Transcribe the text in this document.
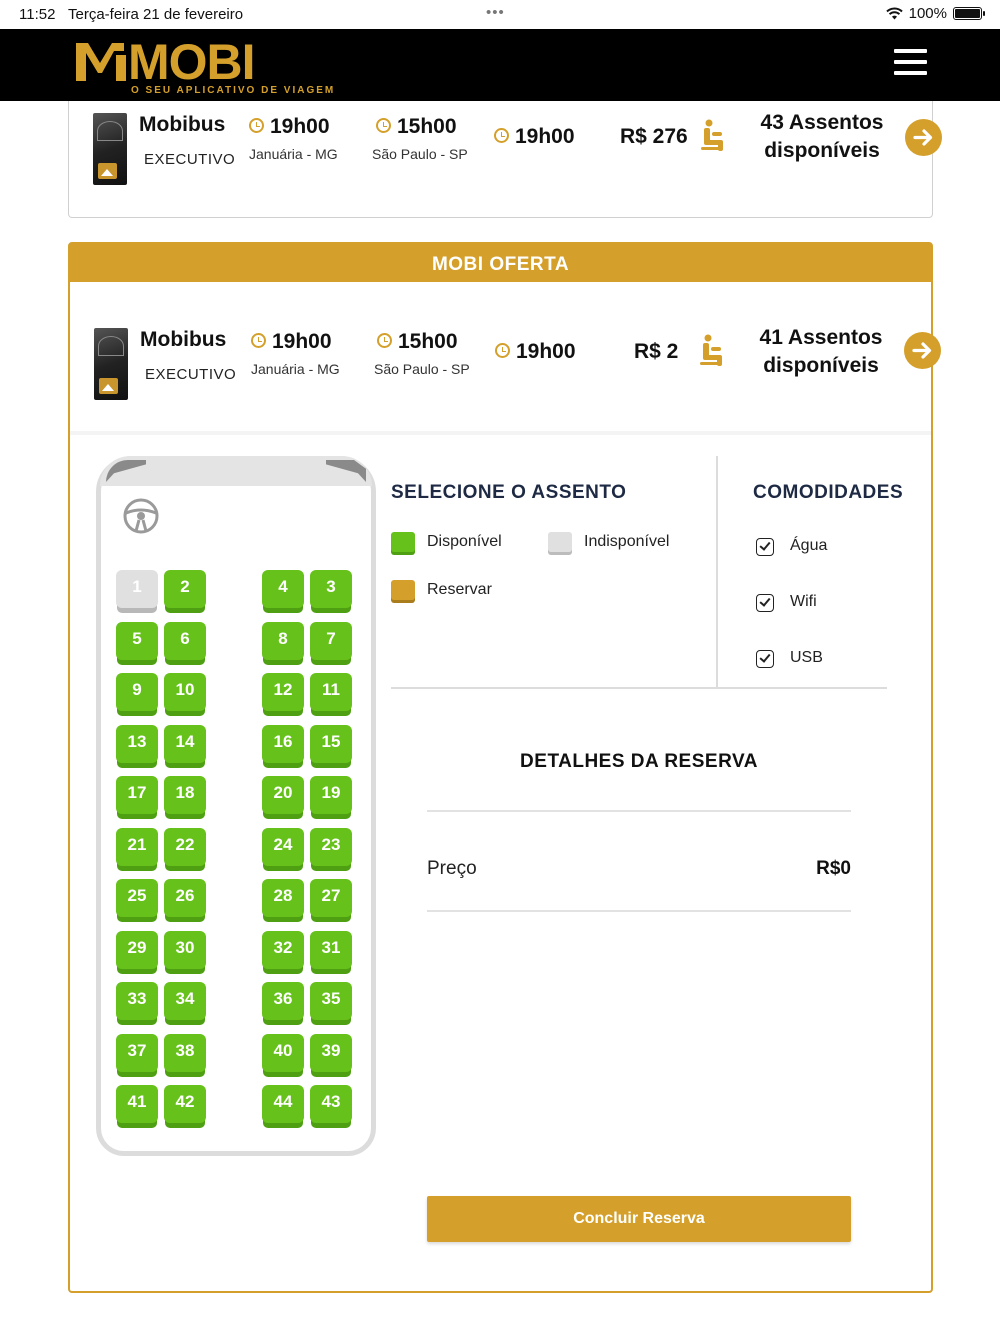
11:52 Terça-feira 21 de fevereiro	•••	100%
MOBI
O SEU APLICATIVO DE VIAGEM
Mobibus
EXECUTIVO
19h00
Januária - MG
15h00
São Paulo - SP
19h00 R$ 276
43 Assentos
disponíveis
MOBI OFERTA
Mobibus
EXECUTIVO
19h00
Januária - MG
15h00
São Paulo - SP
19h00	R$ 2
41 Assentos
disponíveis
1	2	4	3
5	6	8	7
9	10	12	11
13	14	16	15
17	18	20	19
21	22	24	23
25	26	28	27
29	30	32	31
33	34	36	35
37	38	40	39
41	42	44	43
SELECIONE O ASSENTO
Disponível	Indisponível
Reservar
COMODIDADES
Água
Wifi
USB
DETALHES DA RESERVA
Preço	R$0
Concluir Reserva
